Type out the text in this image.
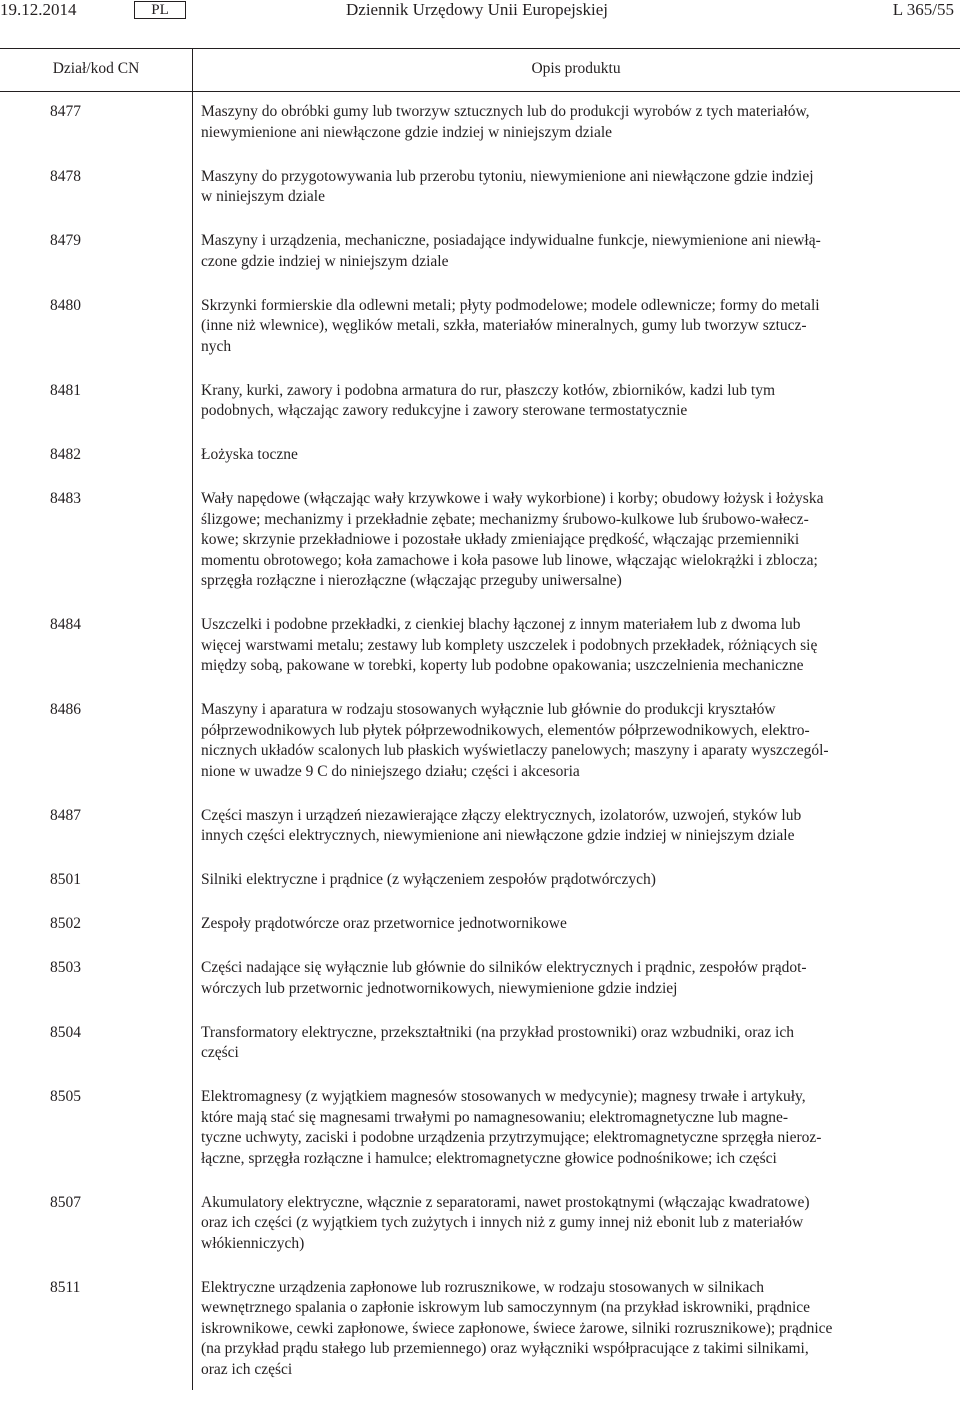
19.12.2014	PL	Dziennik Urzędowy Unii Europejskiej	L 365/55
Dział/kod CN	Opis produktu
8477	Maszyny do obróbki gumy lub tworzyw sztucznych lub do produkcji wyrobów z tych materiałów,
niewymienione ani niewłączone gdzie indziej w niniejszym dziale
8478	Maszyny do przygotowywania lub przerobu tytoniu, niewymienione ani niewłączone gdzie indziej
w niniejszym dziale
8479	Maszyny i urządzenia, mechaniczne, posiadające indywidualne funkcje, niewymienione ani niewłą-
czone gdzie indziej w niniejszym dziale
8480	Skrzynki formierskie dla odlewni metali; płyty podmodelowe; modele odlewnicze; formy do metali
(inne niż wlewnice), węglików metali, szkła, materiałów mineralnych, gumy lub tworzyw sztucz-
nych
8481	Krany, kurki, zawory i podobna armatura do rur, płaszczy kotłów, zbiorników, kadzi lub tym
podobnych, włączając zawory redukcyjne i zawory sterowane termostatycznie
8482	Łożyska toczne
8483	Wały napędowe (włączając wały krzywkowe i wały wykorbione) i korby; obudowy łożysk i łożyska
ślizgowe; mechanizmy i przekładnie zębate; mechanizmy śrubowo-kulkowe lub śrubowo-wałecz-
kowe; skrzynie przekładniowe i pozostałe układy zmieniające prędkość, włączając przemienniki
momentu obrotowego; koła zamachowe i koła pasowe lub linowe, włączając wielokrążki i zblocza;
sprzęgła rozłączne i nierozłączne (włączając przeguby uniwersalne)
8484	Uszczelki i podobne przekładki, z cienkiej blachy łączonej z innym materiałem lub z dwoma lub
więcej warstwami metalu; zestawy lub komplety uszczelek i podobnych przekładek, różniących się
między sobą, pakowane w torebki, koperty lub podobne opakowania; uszczelnienia mechaniczne
8486	Maszyny i aparatura w rodzaju stosowanych wyłącznie lub głównie do produkcji kryształów
półprzewodnikowych lub płytek półprzewodnikowych, elementów półprzewodnikowych, elektro-
nicznych układów scalonych lub płaskich wyświetlaczy panelowych; maszyny i aparaty wyszczegól-
nione w uwadze 9 C do niniejszego działu; części i akcesoria
8487	Części maszyn i urządzeń niezawierające złączy elektrycznych, izolatorów, uzwojeń, styków lub
innych części elektrycznych, niewymienione ani niewłączone gdzie indziej w niniejszym dziale
8501	Silniki elektryczne i prądnice (z wyłączeniem zespołów prądotwórczych)
8502	Zespoły prądotwórcze oraz przetwornice jednotwornikowe
8503	Części nadające się wyłącznie lub głównie do silników elektrycznych i prądnic, zespołów prądot-
wórczych lub przetwornic jednotwornikowych, niewymienione gdzie indziej
8504	Transformatory elektryczne, przekształtniki (na przykład prostowniki) oraz wzbudniki, oraz ich
części
8505	Elektromagnesy (z wyjątkiem magnesów stosowanych w medycynie); magnesy trwałe i artykuły,
które mają stać się magnesami trwałymi po namagnesowaniu; elektromagnetyczne lub magne-
tyczne uchwyty, zaciski i podobne urządzenia przytrzymujące; elektromagnetyczne sprzęgła nieroz-
łączne, sprzęgła rozłączne i hamulce; elektromagnetyczne głowice podnośnikowe; ich części
8507	Akumulatory elektryczne, włącznie z separatorami, nawet prostokątnymi (włączając kwadratowe)
oraz ich części (z wyjątkiem tych zużytych i innych niż z gumy innej niż ebonit lub z materiałów
włókienniczych)
8511	Elektryczne urządzenia zapłonowe lub rozrusznikowe, w rodzaju stosowanych w silnikach
wewnętrznego spalania o zapłonie iskrowym lub samoczynnym (na przykład iskrowniki, prądnice
iskrownikowe, cewki zapłonowe, świece zapłonowe, świece żarowe, silniki rozrusznikowe); prądnice
(na przykład prądu stałego lub przemiennego) oraz wyłączniki współpracujące z takimi silnikami,
oraz ich części
